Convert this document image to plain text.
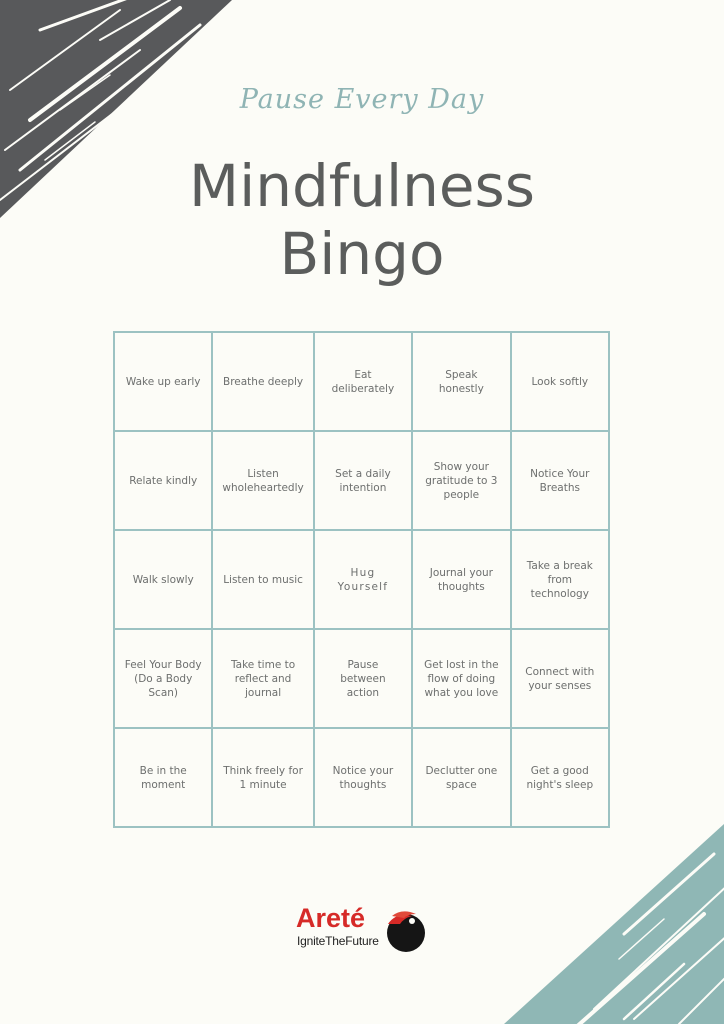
Pause Every Day
Mindfulness
Bingo
Wake up early	Breathe deeply
Eat deliberately
Speak honestly
Look softly
Relate kindly
Listen wholeheartedly
Set a daily intention
Show your gratitude to 3 people
Notice Your Breaths
Walk slowly	Listen to music
Hug Yourself
Journal your thoughts
Take a break from technology
Feel Your Body (Do a Body Scan)
Take time to reflect and journal
Pause between action
Get lost in the flow of doing what you love
Connect with your senses
Be in the moment
Think freely for 1 minute
Notice your thoughts
Declutter one space
Get a good night's sleep
Areté
IgniteTheFuture
